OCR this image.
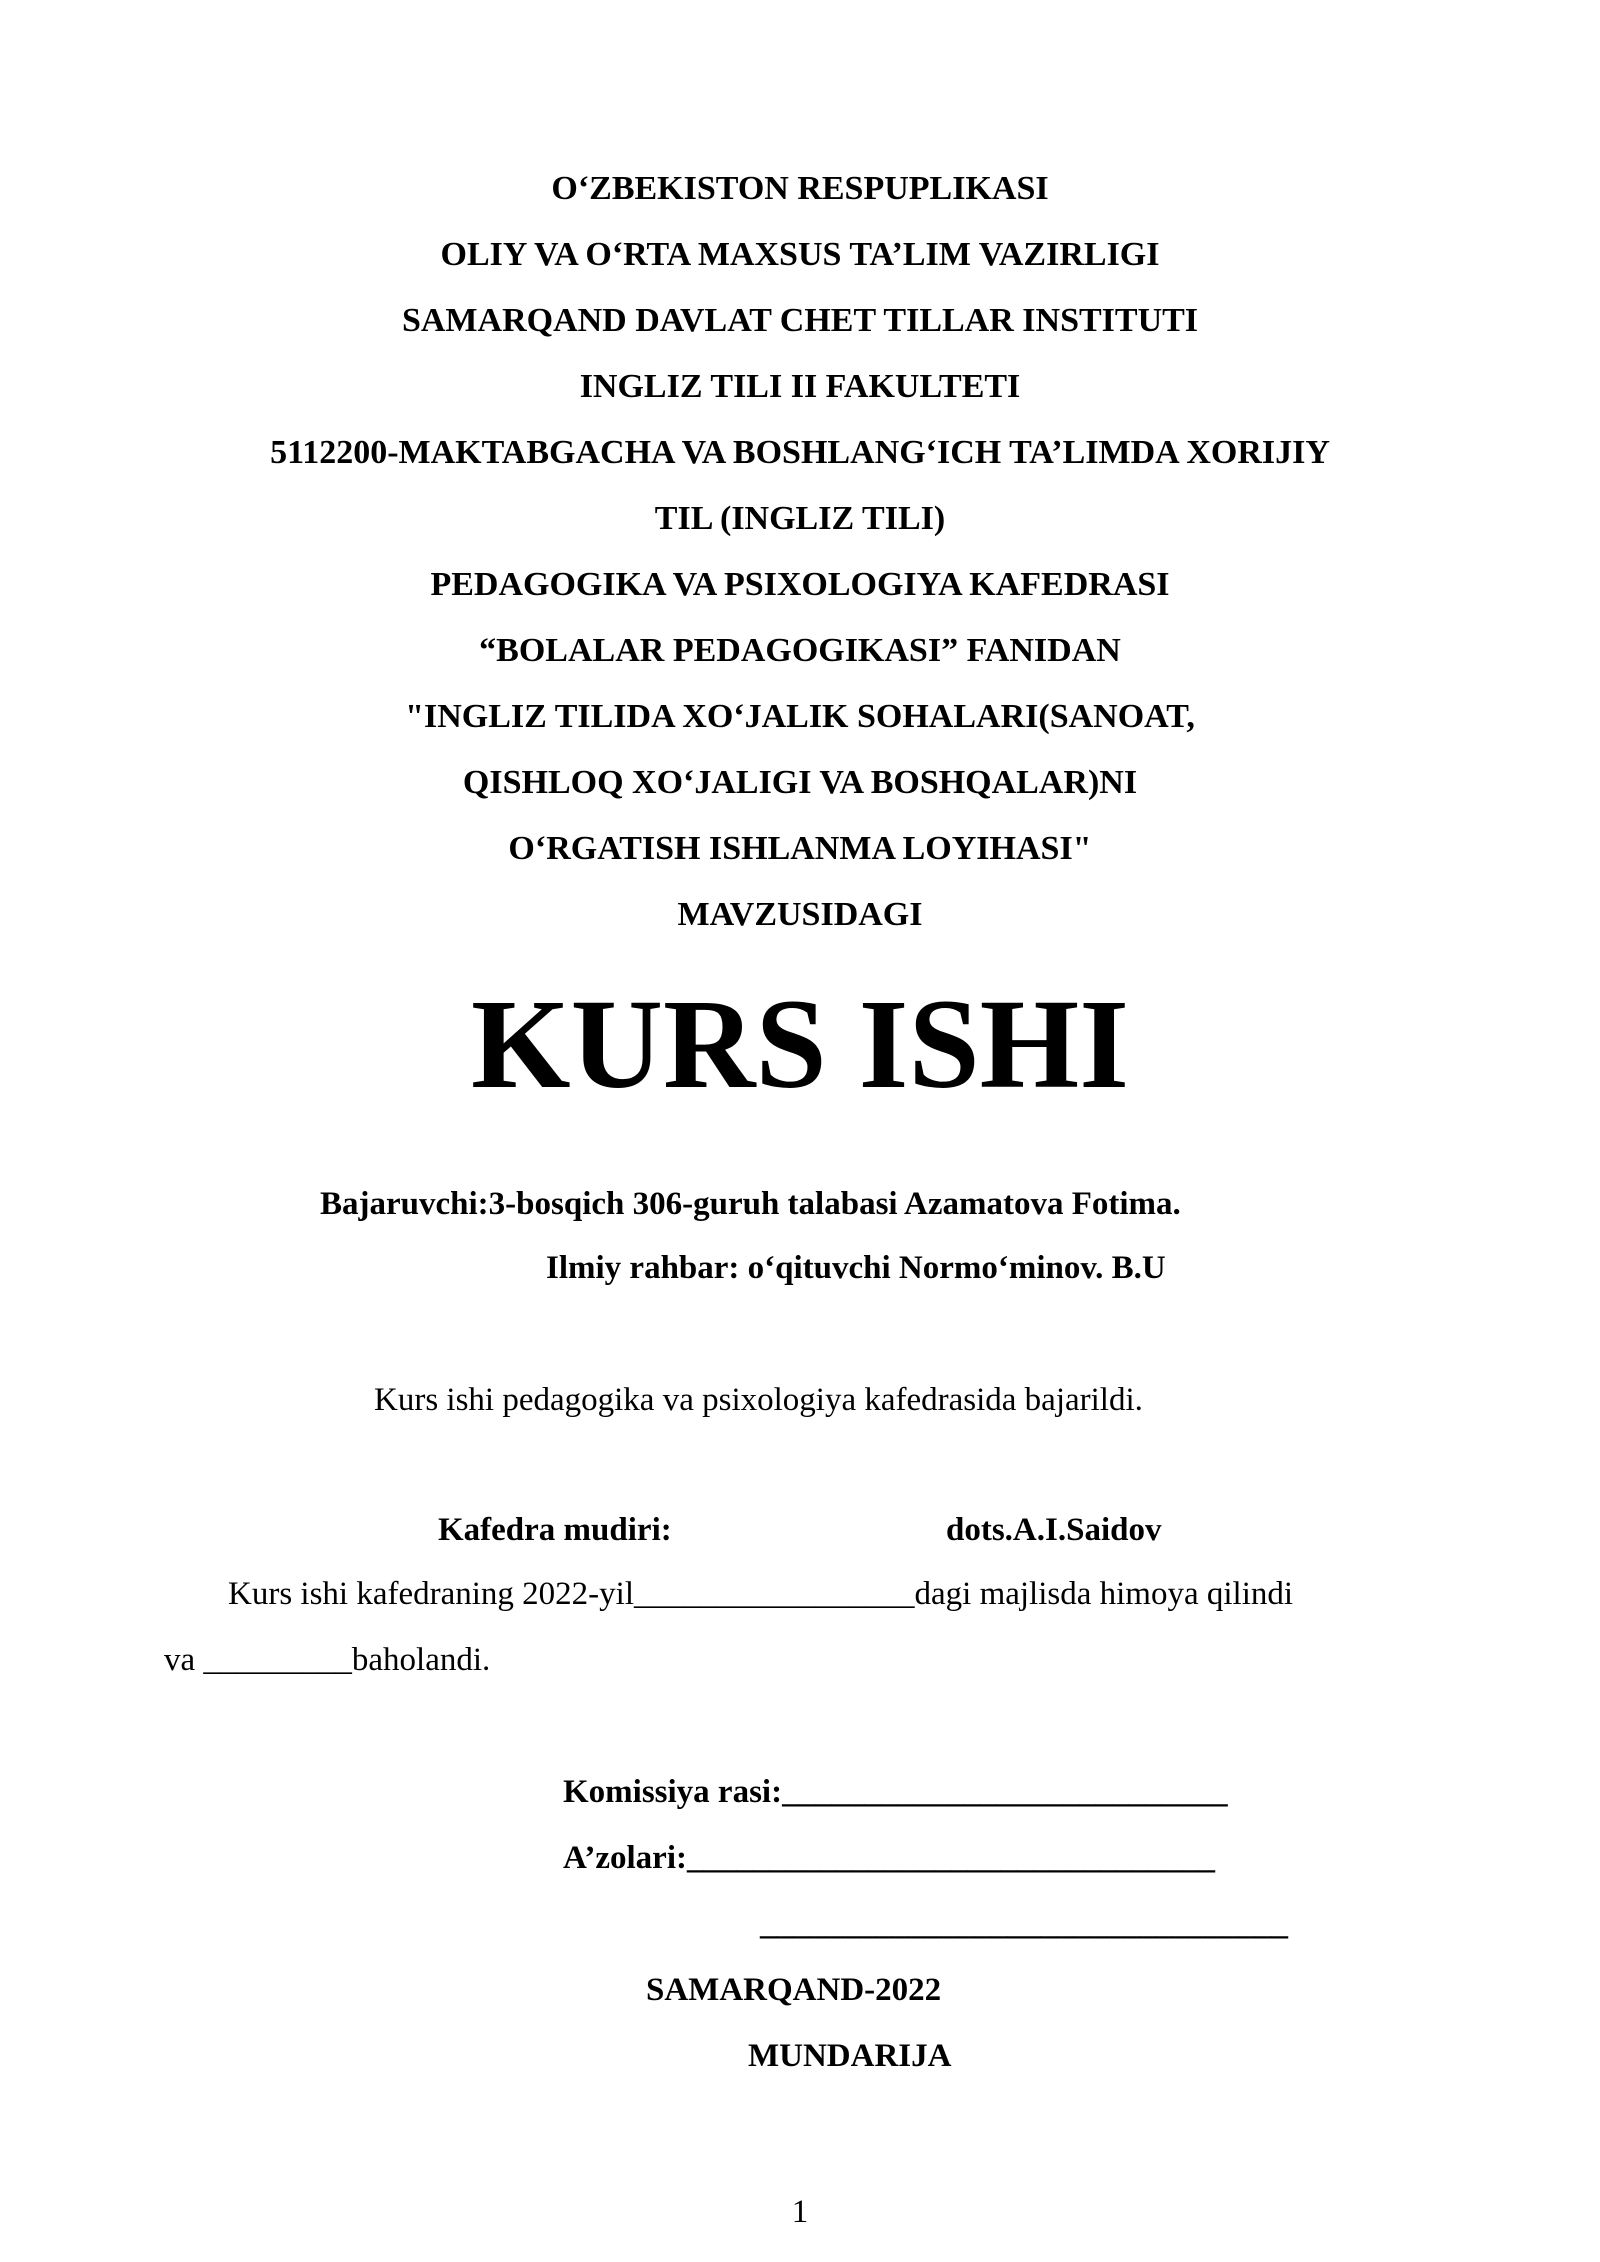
O‘ZBEKISTON RESPUPLIKASI
OLIY VA O‘RTA MAXSUS TA’LIM VAZIRLIGI
SAMARQAND DAVLAT CHET TILLAR INSTITUTI
INGLIZ TILI II FAKULTETI
5112200-MAKTABGACHA VA BOSHLANG‘ICH TA’LIMDA XORIJIY
TIL (INGLIZ TILI)
PEDAGOGIKA VA PSIXOLOGIYA KAFEDRASI
“BOLALAR PEDAGOGIKASI” FANIDAN
"INGLIZ TILIDA XO‘JALIK SOHALARI(SANOAT,
QISHLOQ XO‘JALIGI VA BOSHQALAR)NI
O‘RGATISH ISHLANMA LOYIHASI"
MAVZUSIDAGI
KURS ISHI
Bajaruvchi:3-bosqich 306-guruh talabasi Azamatova Fotima.
Ilmiy rahbar: o‘qituvchi Normo‘minov. B.U
Kurs ishi pedagogika va psixologiya kafedrasida bajarildi.
Kafedra mudiri:	dots.A.I.Saidov
Kurs ishi kafedraning 2022-yil_________________dagi majlisda himoya qilindi
va _________baholandi.
Komissiya rasi:___________________________
A’zolari:________________________________
________________________________
SAMARQAND-2022
MUNDARIJA
1
